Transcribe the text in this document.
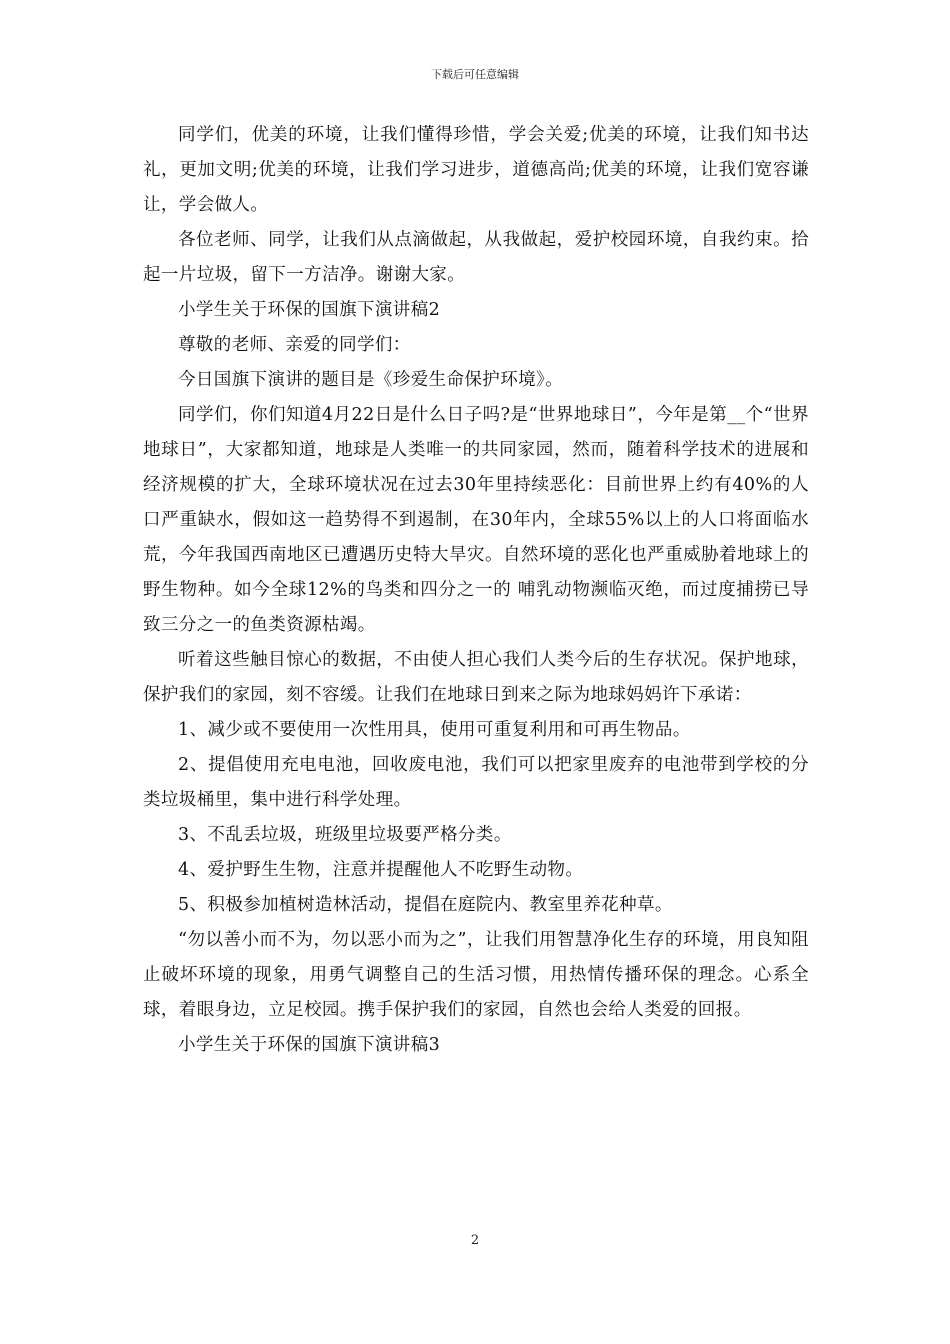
下载后可任意编辑

同学们，优美的环境，让我们懂得珍惜，学会关爱;优美的环境，让我们知书达礼，更加文明;优美的环境，让我们学习进步，道德高尚;优美的环境，让我们宽容谦让，学会做人。

各位老师、同学，让我们从点滴做起，从我做起，爱护校园环境，自我约束。拾起一片垃圾，留下一方洁净。谢谢大家。

小学生关于环保的国旗下演讲稿2

尊敬的老师、亲爱的同学们：

今日国旗下演讲的题目是《珍爱生命保护环境》。

同学们，你们知道4月22日是什么日子吗?是“世界地球日”，今年是第__个“世界地球日”，大家都知道，地球是人类唯一的共同家园，然而，随着科学技术的进展和经济规模的扩大，全球环境状况在过去30年里持续恶化：目前世界上约有40%的人口严重缺水，假如这一趋势得不到遏制，在30年内，全球55%以上的人口将面临水荒，今年我国西南地区已遭遇历史特大旱灾。自然环境的恶化也严重威胁着地球上的野生物种。如今全球12%的鸟类和四分之一的 哺乳动物濒临灭绝，而过度捕捞已导致三分之一的鱼类资源枯竭。

听着这些触目惊心的数据，不由使人担心我们人类今后的生存状况。保护地球，保护我们的家园，刻不容缓。让我们在地球日到来之际为地球妈妈许下承诺：

1、减少或不要使用一次性用具，使用可重复利用和可再生物品。

2、提倡使用充电电池，回收废电池，我们可以把家里废弃的电池带到学校的分类垃圾桶里，集中进行科学处理。

3、不乱丢垃圾，班级里垃圾要严格分类。

4、爱护野生生物，注意并提醒他人不吃野生动物。

5、积极参加植树造林活动，提倡在庭院内、教室里养花种草。

“勿以善小而不为，勿以恶小而为之”，让我们用智慧净化生存的环境，用良知阻止破坏环境的现象，用勇气调整自己的生活习惯，用热情传播环保的理念。心系全球，着眼身边，立足校园。携手保护我们的家园，自然也会给人类爱的回报。

小学生关于环保的国旗下演讲稿3

2
